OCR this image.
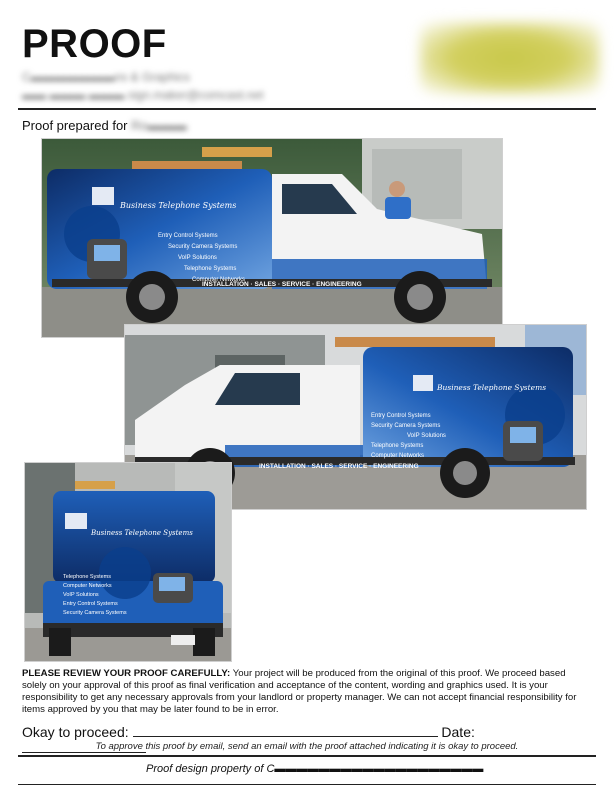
PROOF
C▬▬▬▬▬▬▬ns & Graphics
▬▬ ▬▬▬ ▬▬▬ sign.maker@comcast.net
Proof prepared for Ro▬▬▬
Business Telephone Systems
Entry Control Systems
Security Camera Systems
VoIP Solutions
Telephone Systems
Computer Networks
INSTALLATION · SALES · SERVICE · ENGINEERING
Business Telephone Systems
Entry Control Systems
Security Camera Systems
VoIP Solutions
Telephone Systems
Computer Networks
INSTALLATION · SALES · SERVICE · ENGINEERING
Business Telephone Systems
Telephone Systems
Computer Networks
VoIP Solutions
Entry Control Systems
Security Camera Systems
PLEASE REVIEW YOUR PROOF CAREFULLY: Your project will be produced from the original of this proof. We proceed based solely on your approval of this proof as final verification and acceptance of the content, wording and graphics used. It is your responsibility to get any necessary approvals from your landlord or property manager. We can not accept financial responsibility for items approved by you that may be later found to be in error.
Okay to proceed:	Date:
To approve this proof by email, send an email with the proof attached indicating it is okay to proceed.
Proof design property of C▬▬▬▬▬▬▬▬▬▬▬▬▬▬▬▬▬▬▬
